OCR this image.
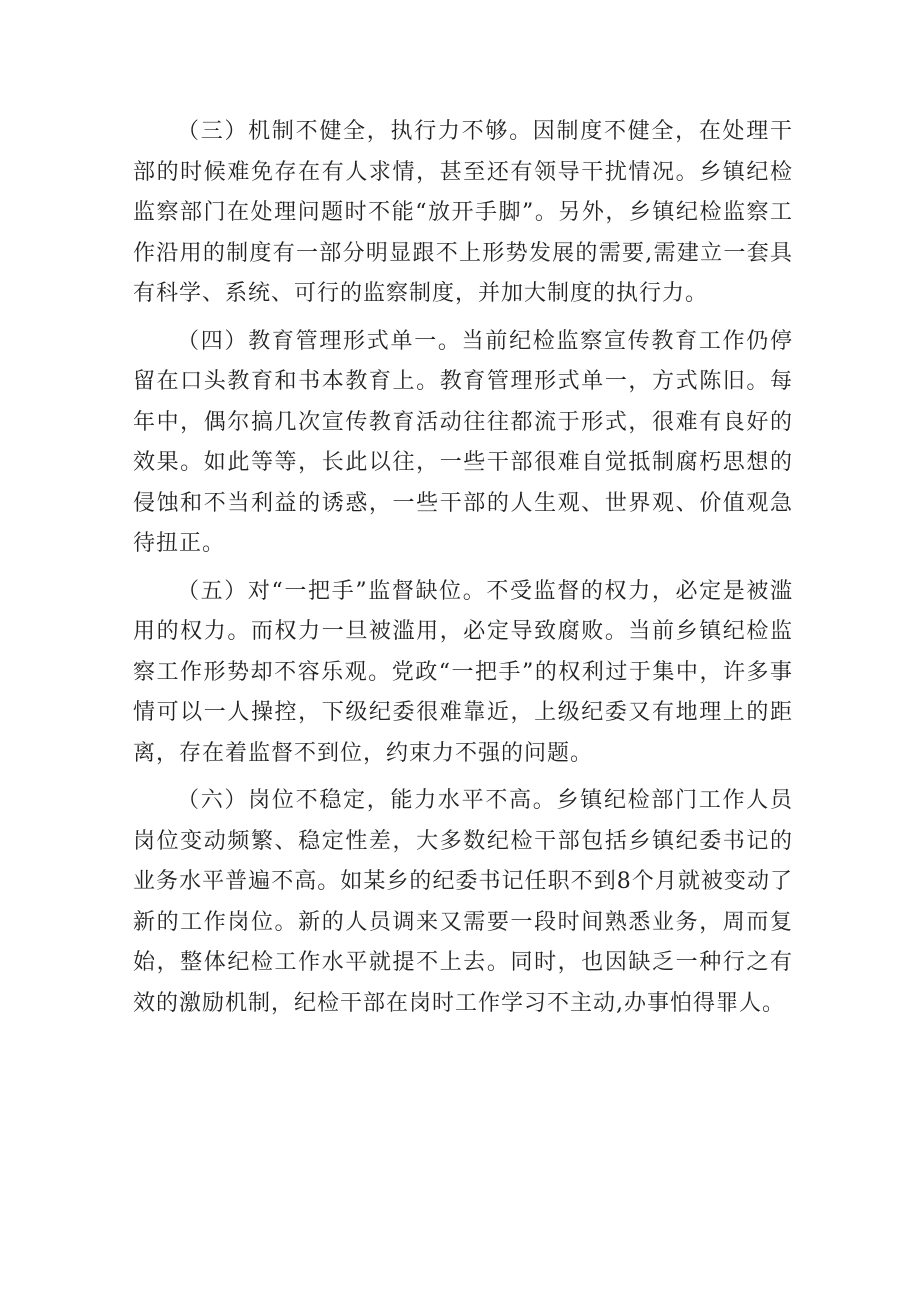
（三）机制不健全，执行力不够。因制度不健全，在处理干部的时候难免存在有人求情，甚至还有领导干扰情况。乡镇纪检监察部门在处理问题时不能“放开手脚”。另外，乡镇纪检监察工作沿用的制度有一部分明显跟不上形势发展的需要,需建立一套具有科学、系统、可行的监察制度，并加大制度的执行力。

（四）教育管理形式单一。当前纪检监察宣传教育工作仍停留在口头教育和书本教育上。教育管理形式单一，方式陈旧。每年中，偶尔搞几次宣传教育活动往往都流于形式，很难有良好的效果。如此等等，长此以往，一些干部很难自觉抵制腐朽思想的侵蚀和不当利益的诱惑，一些干部的人生观、世界观、价值观急待扭正。

（五）对“一把手”监督缺位。不受监督的权力，必定是被滥用的权力。而权力一旦被滥用，必定导致腐败。当前乡镇纪检监察工作形势却不容乐观。党政“一把手”的权利过于集中，许多事情可以一人操控，下级纪委很难靠近，上级纪委又有地理上的距离，存在着监督不到位，约束力不强的问题。

（六）岗位不稳定，能力水平不高。乡镇纪检部门工作人员岗位变动频繁、稳定性差，大多数纪检干部包括乡镇纪委书记的业务水平普遍不高。如某乡的纪委书记任职不到8个月就被变动了新的工作岗位。新的人员调来又需要一段时间熟悉业务，周而复始，整体纪检工作水平就提不上去。同时，也因缺乏一种行之有效的激励机制，纪检干部在岗时工作学习不主动,办事怕得罪人。
